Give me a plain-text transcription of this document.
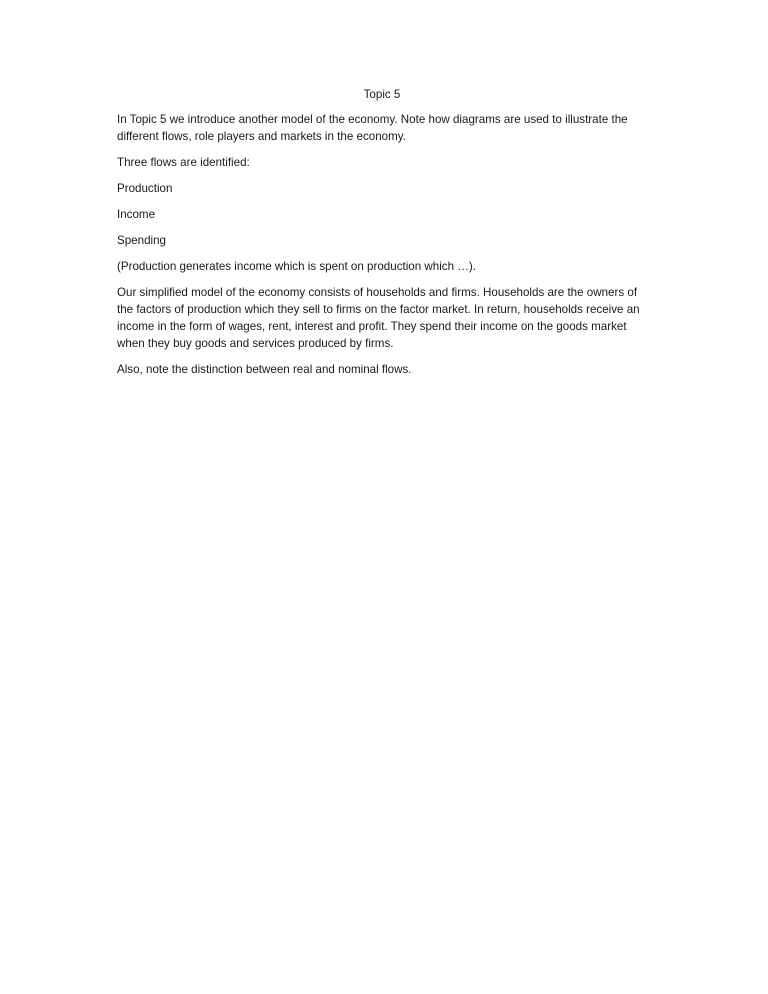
Topic 5

In Topic 5 we introduce another model of the economy. Note how diagrams are used to illustrate the different flows, role players and markets in the economy.

Three flows are identified:

Production

Income

Spending

(Production generates income which is spent on production which …).

Our simplified model of the economy consists of households and firms. Households are the owners of the factors of production which they sell to firms on the factor market. In return, households receive an income in the form of wages, rent, interest and profit. They spend their income on the goods market when they buy goods and services produced by firms.

Also, note the distinction between real and nominal flows.
